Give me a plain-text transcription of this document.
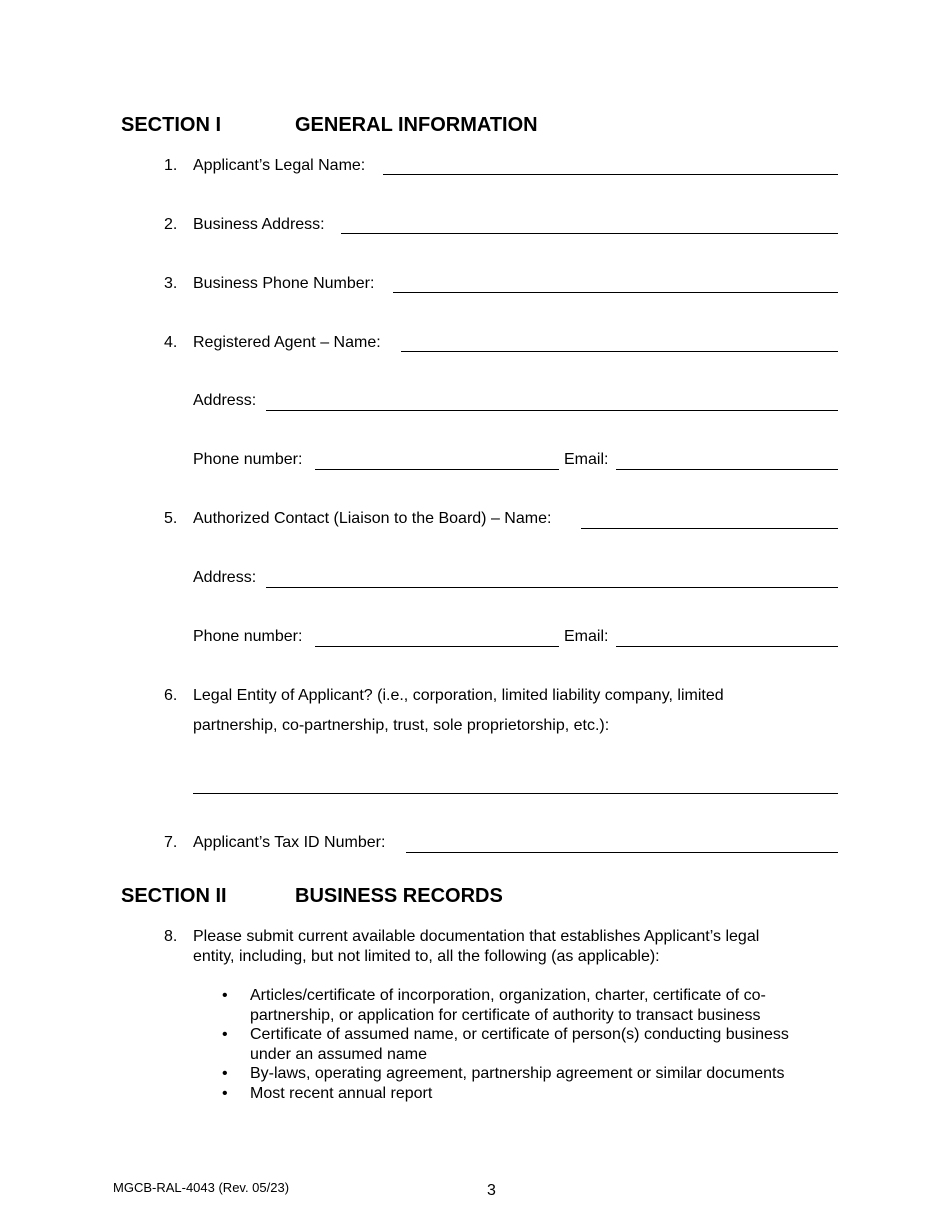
SECTION I	GENERAL INFORMATION
1. Applicant’s Legal Name:
2. Business Address:
3. Business Phone Number:
4. Registered Agent – Name:
Address:
Phone number:	Email:
5. Authorized Contact (Liaison to the Board) – Name:
Address:
Phone number:	Email:
6. Legal Entity of Applicant? (i.e., corporation, limited liability company, limited
partnership, co-partnership, trust, sole proprietorship, etc.):
7. Applicant’s Tax ID Number:
SECTION II	BUSINESS RECORDS
8. Please submit current available documentation that establishes Applicant’s legal
entity, including, but not limited to, all the following (as applicable):
• Articles/certificate of incorporation, organization, charter, certificate of co-
partnership, or application for certificate of authority to transact business
• Certificate of assumed name, or certificate of person(s) conducting business
under an assumed name
• By-laws, operating agreement, partnership agreement or similar documents
• Most recent annual report
MGCB-RAL-4043 (Rev. 05/23)	3
